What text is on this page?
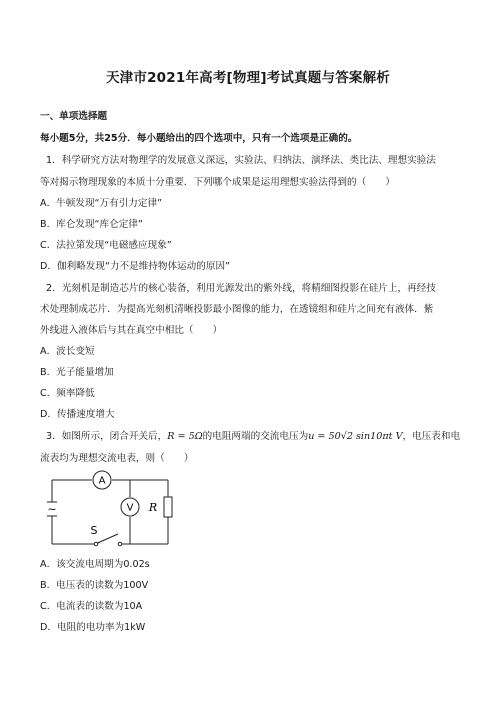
天津市2021年高考[物理]考试真题与答案解析
一、单项选择题
每小题5分，共25分．每小题给出的四个选项中，只有一个选项是正确的。
1．科学研究方法对物理学的发展意义深远，实验法、归纳法、演绎法、类比法、理想实验法
等对揭示物理现象的本质十分重要．下列哪个成果是运用理想实验法得到的（　　）
A．牛顿发现“万有引力定律”
B．库仑发现“库仑定律”
C．法拉第发现“电磁感应现象”
D．伽利略发现“力不是维持物体运动的原因”
2．光刻机是制造芯片的核心装备，利用光源发出的紫外线，将精细图投影在硅片上，再经技
术处理制成芯片．为提高光刻机清晰投影最小图像的能力，在透镜组和硅片之间充有液体．紫
外线进入液体后与其在真空中相比（　　）
A．波长变短
B．光子能量增加
C．频率降低
D．传播速度增大
3．如图所示，闭合开关后，R = 5Ω的电阻两端的交流电压为u = 50√2 sin10πt V，电压表和电
流表均为理想交流电表，则（　　）
A
~	V R
S
A．该交流电周期为0.02s
B．电压表的读数为100V
C．电流表的读数为10A
D．电阻的电功率为1kW
